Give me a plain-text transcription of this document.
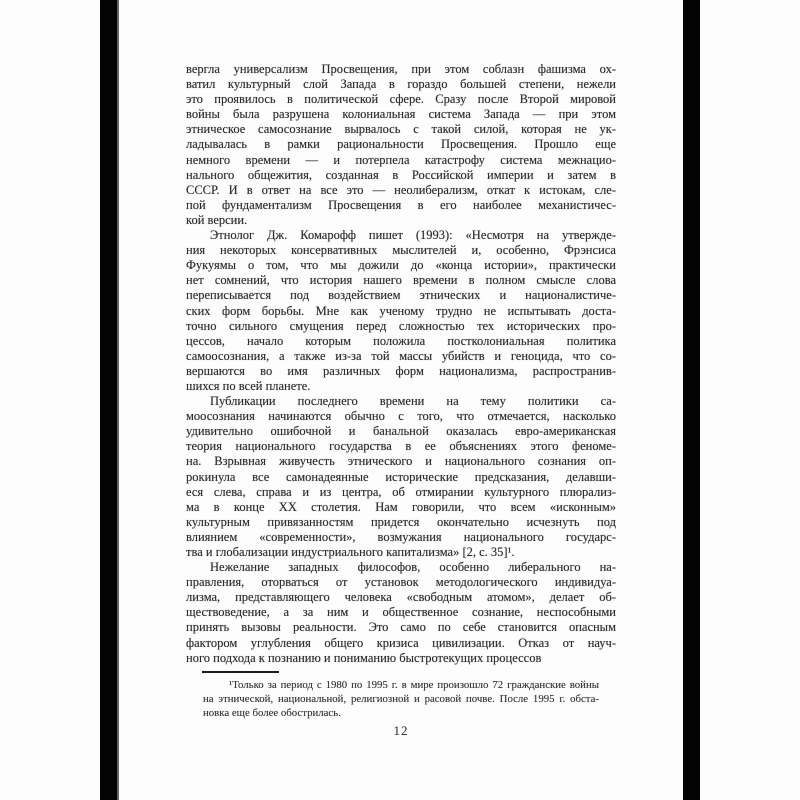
вергла универсализм Просвещения, при этом соблазн фашизма ох-
ватил культурный слой Запада в гораздо большей степени, нежели
это проявилось в политической сфере. Сразу после Второй мировой
войны была разрушена колониальная система Запада — при этом
этническое самосознание вырвалось с такой силой, которая не ук-
ладывалась в рамки рациональности Просвещения. Прошло еще
немного времени — и потерпела катастрофу система межнацио-
нального общежития, созданная в Российской империи и затем в
СССР. И в ответ на все это — неолиберализм, откат к истокам, сле-
пой фундаментализм Просвещения в его наиболее механистичес-
кой версии.
Этнолог Дж. Комарофф пишет (1993): «Несмотря на утвержде-
ния некоторых консервативных мыслителей и, особенно, Фрэнсиса
Фукуямы о том, что мы дожили до «конца истории», практически
нет сомнений, что история нашего времени в полном смысле слова
переписывается под воздействием этнических и националистиче-
ских форм борьбы. Мне как ученому трудно не испытывать доста-
точно сильного смущения перед сложностью тех исторических про-
цессов, начало которым положила постколониальная политика
самоосознания, а также из-за той массы убийств и геноцида, что со-
вершаются во имя различных форм национализма, распространив-
шихся по всей планете.
Публикации последнего времени на тему политики са-
моосознания начинаются обычно с того, что отмечается, насколько
удивительно ошибочной и банальной оказалась евро-американская
теория национального государства в ее объяснениях этого феноме-
на. Взрывная живучесть этнического и национального сознания оп-
рокинула все самонадеянные исторические предсказания, делавши-
еся слева, справа и из центра, об отмирании культурного плюрализ-
ма в конце XX столетия. Нам говорили, что всем «исконным»
культурным привязанностям придется окончательно исчезнуть под
влиянием «современности», возмужания национального государс-
тва и глобализации индустриального капитализма» [2, с. 35]¹.
Нежелание западных философов, особенно либерального на-
правления, оторваться от установок методологического индивидуа-
лизма, представляющего человека «свободным атомом», делает об-
ществоведение, а за ним и общественное сознание, неспособными
принять вызовы реальности. Это само по себе становится опасным
фактором углубления общего кризиса цивилизации. Отказ от науч-
ного подхода к познанию и пониманию быстротекущих процессов
¹Только за период с 1980 по 1995 г. в мире произошло 72 гражданские войны
на этнической, национальной, религиозной и расовой почве. После 1995 г. обста-
новка еще более обострилась.
12
